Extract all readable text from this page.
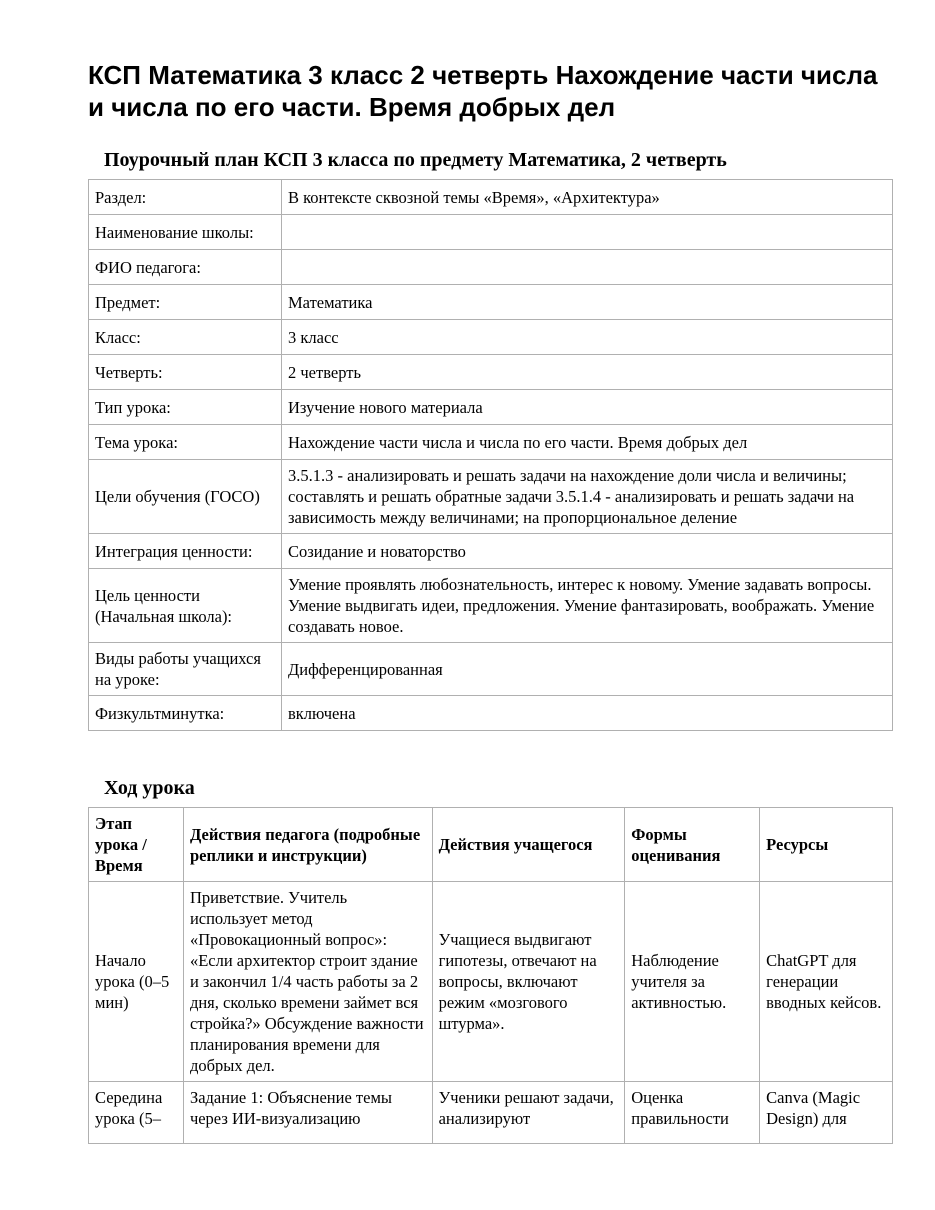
КСП Математика 3 класс 2 четверть Нахождение части числа и числа по его части. Время добрых дел
Поурочный план КСП 3 класса по предмету Математика, 2 четверть
Раздел:	В контексте сквозной темы «Время», «Архитектура»
Наименование школы:	
ФИО педагога:	
Предмет:	Математика
Класс:	3 класс
Четверть:	2 четверть
Тип урока:	Изучение нового материала
Тема урока:	Нахождение части числа и числа по его части. Время добрых дел
Цели обучения (ГОСО)	3.5.1.3 - анализировать и решать задачи на нахождение доли числа и величины; составлять и решать обратные задачи 3.5.1.4 - анализировать и решать задачи на зависимость между величинами; на пропорциональное деление
Интеграция ценности:	Созидание и новаторство
Цель ценности (Начальная школа):	Умение проявлять любознательность, интерес к новому. Умение задавать вопросы. Умение выдвигать идеи, предложения. Умение фантазировать, воображать. Умение создавать новое.
Виды работы учащихся на уроке:	Дифференцированная
Физкультминутка:	включена
Ход урока
Этап урока / Время	Действия педагога (подробные реплики и инструкции)	Действия учащегося	Формы оценивания	Ресурсы
Начало урока (0–5 мин)	Приветствие. Учитель использует метод «Провокационный вопрос»: «Если архитектор строит здание и закончил 1/4 часть работы за 2 дня, сколько времени займет вся стройка?» Обсуждение важности планирования времени для добрых дел.	Учащиеся выдвигают гипотезы, отвечают на вопросы, включают режим «мозгового штурма».	Наблюдение учителя за активностью.	ChatGPT для генерации вводных кейсов.

Середина урока (5–	Задание 1: Объяснение темы через ИИ-визуализацию	Ученики решают задачи, анализируют	Оценка правильности	Canva (Magic Design) для
